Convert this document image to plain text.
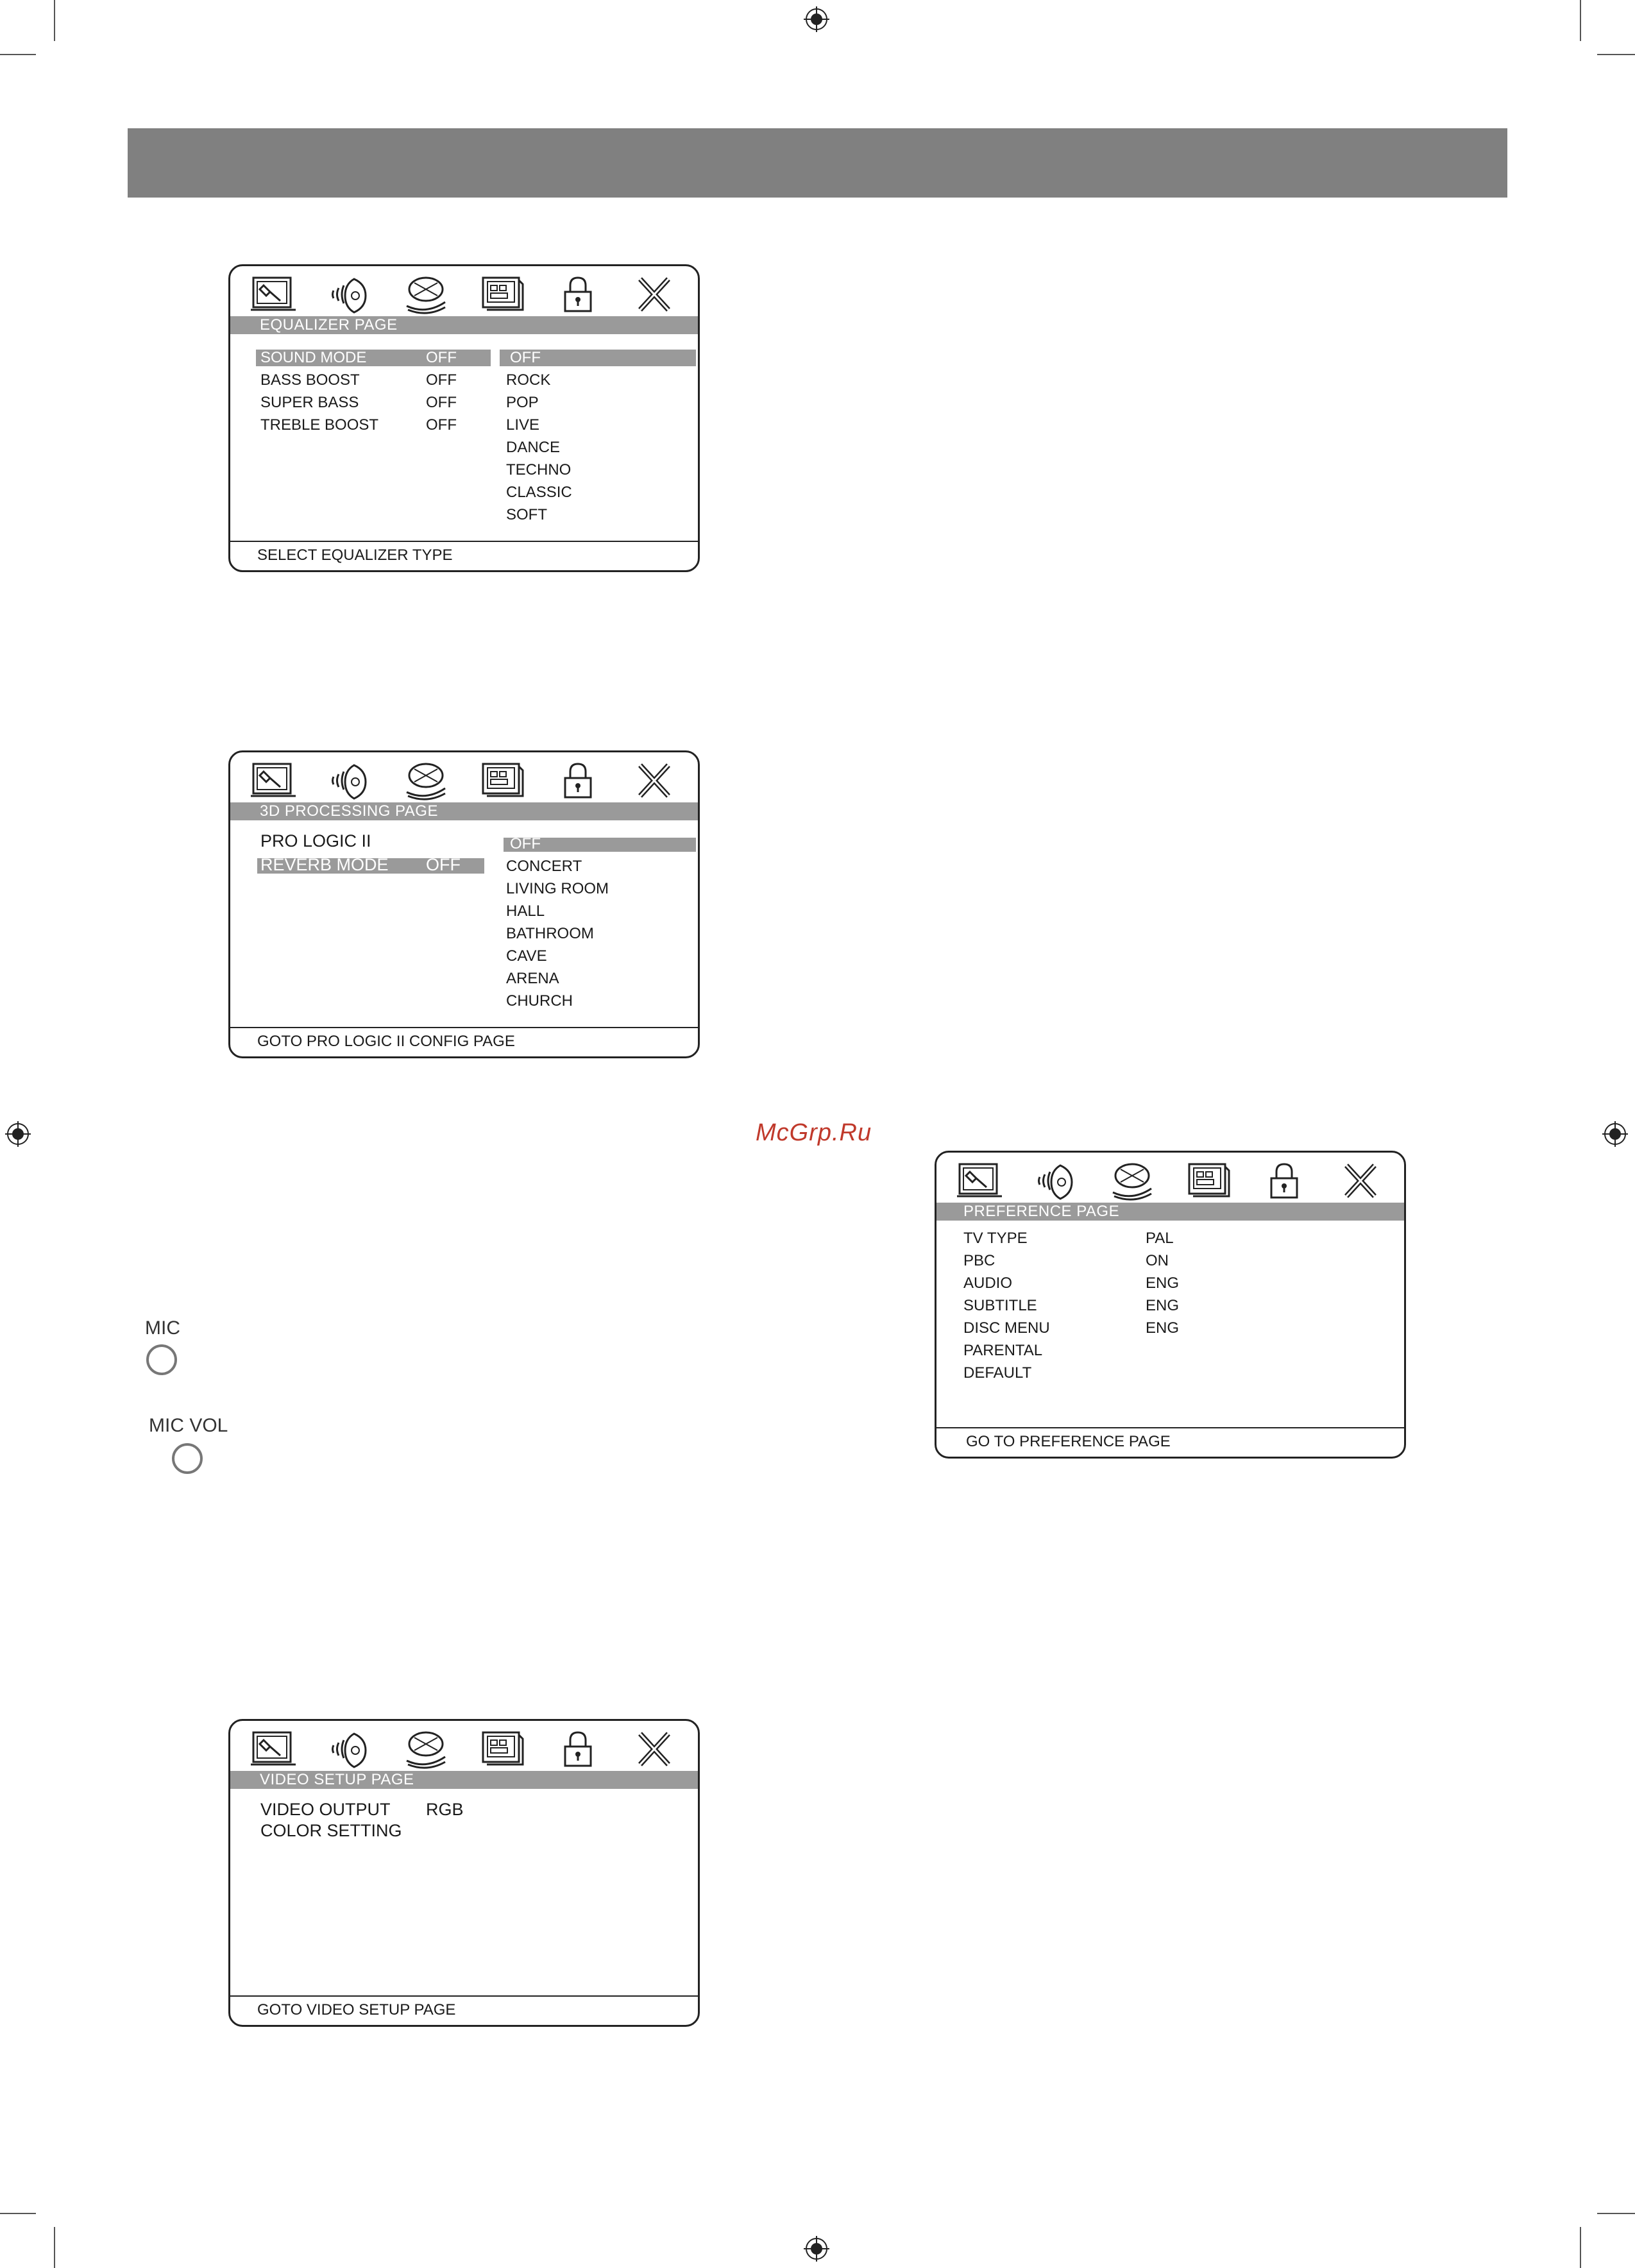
EQUALIZER PAGE
SOUND MODE	OFF
BASS BOOST	OFF
SUPER BASS	OFF
TREBLE BOOST	OFF
OFF
ROCK
POP
LIVE
DANCE
TECHNO
CLASSIC
SOFT
SELECT EQUALIZER TYPE
3D PROCESSING PAGE
PRO LOGIC II
REVERB MODE OFF
OFF
CONCERT
LIVING ROOM
HALL
BATHROOM
CAVE
ARENA
CHURCH
GOTO PRO LOGIC II CONFIG PAGE
McGrp.Ru
PREFERENCE PAGE
TV TYPE	PAL
PBC	ON
AUDIO	ENG
SUBTITLE	ENG
DISC MENU	ENG
PARENTAL
DEFAULT
GO TO PREFERENCE PAGE
MIC
MIC VOL
VIDEO SETUP PAGE
VIDEO OUTPUT RGB
COLOR SETTING
GOTO VIDEO SETUP PAGE
